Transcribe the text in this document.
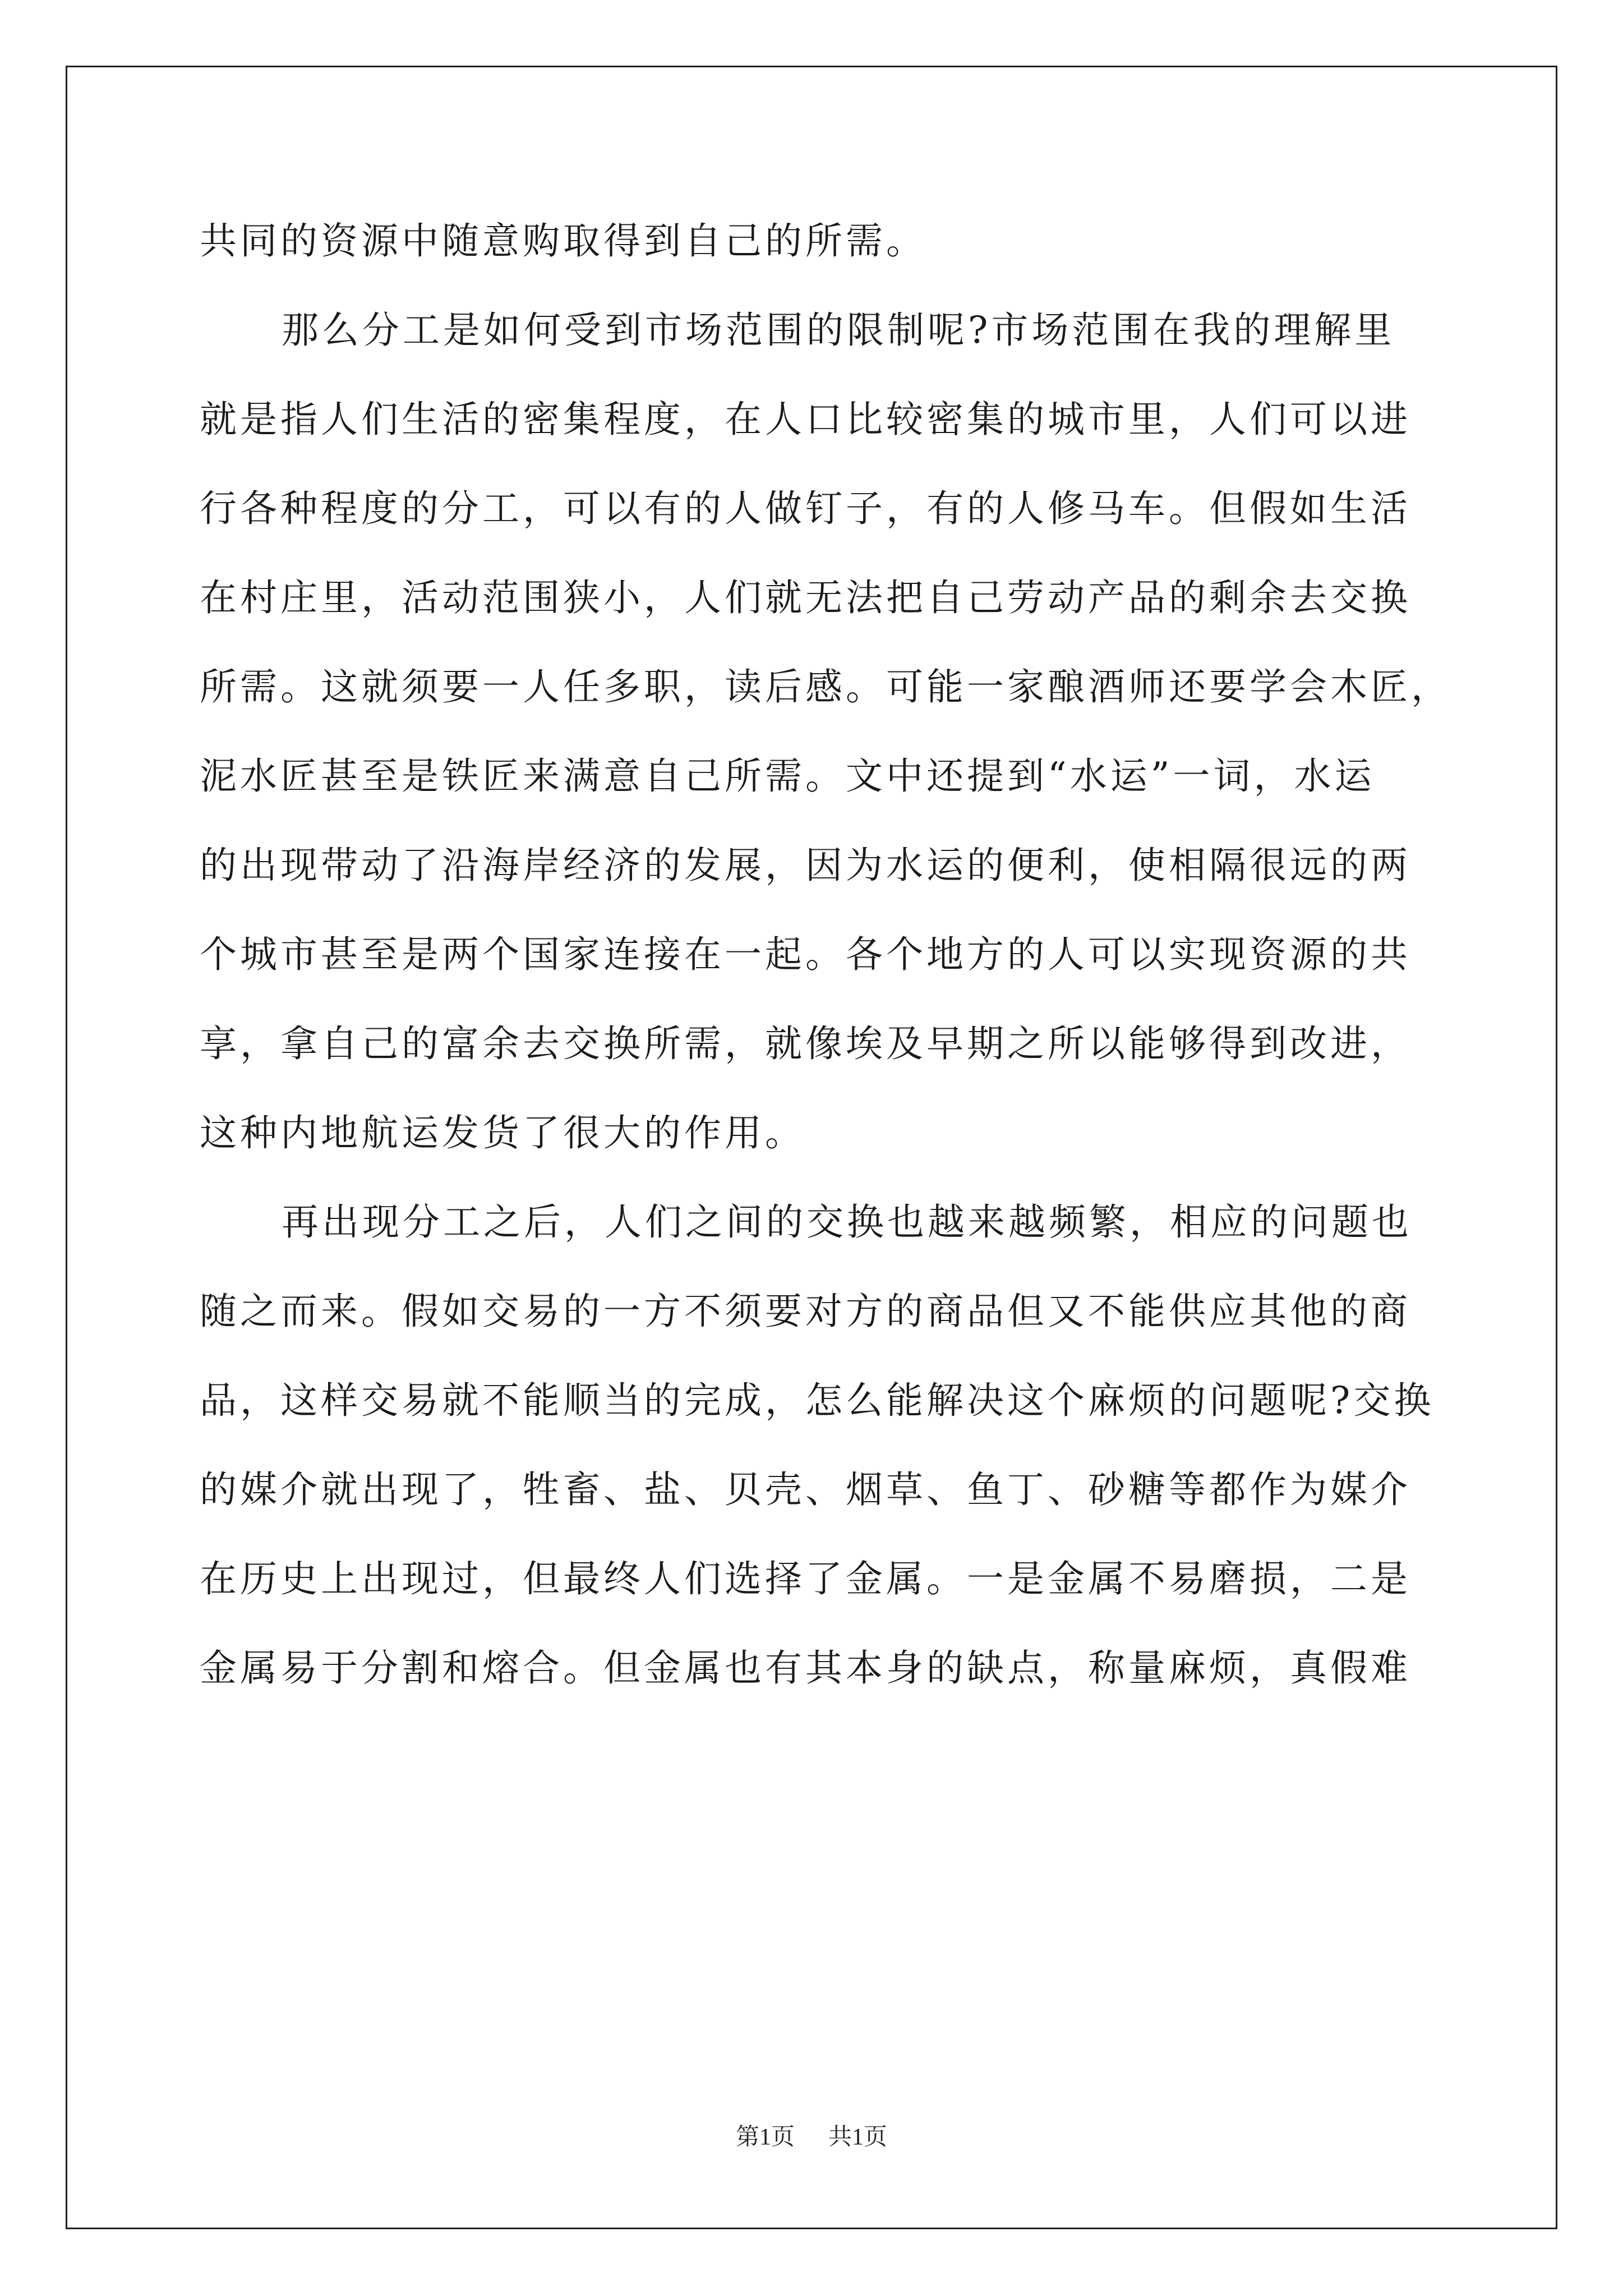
共同的资源中随意购取得到自己的所需。
那么分工是如何受到市场范围的限制呢?市场范围在我的理解里
就是指人们生活的密集程度，在人口比较密集的城市里，人们可以进
行各种程度的分工，可以有的人做钉子，有的人修马车。但假如生活
在村庄里，活动范围狭小，人们就无法把自己劳动产品的剩余去交换
所需。这就须要一人任多职，读后感。可能一家酿酒师还要学会木匠，
泥水匠甚至是铁匠来满意自己所需。文中还提到“水运”一词，水运
的出现带动了沿海岸经济的发展，因为水运的便利，使相隔很远的两
个城市甚至是两个国家连接在一起。各个地方的人可以实现资源的共
享，拿自己的富余去交换所需，就像埃及早期之所以能够得到改进，
这种内地航运发货了很大的作用。
再出现分工之后，人们之间的交换也越来越频繁，相应的问题也
随之而来。假如交易的一方不须要对方的商品但又不能供应其他的商
品，这样交易就不能顺当的完成，怎么能解决这个麻烦的问题呢?交换
的媒介就出现了，牲畜、盐、贝壳、烟草、鱼丁、砂糖等都作为媒介
在历史上出现过，但最终人们选择了金属。一是金属不易磨损，二是
金属易于分割和熔合。但金属也有其本身的缺点，称量麻烦，真假难
第1页 共1页
